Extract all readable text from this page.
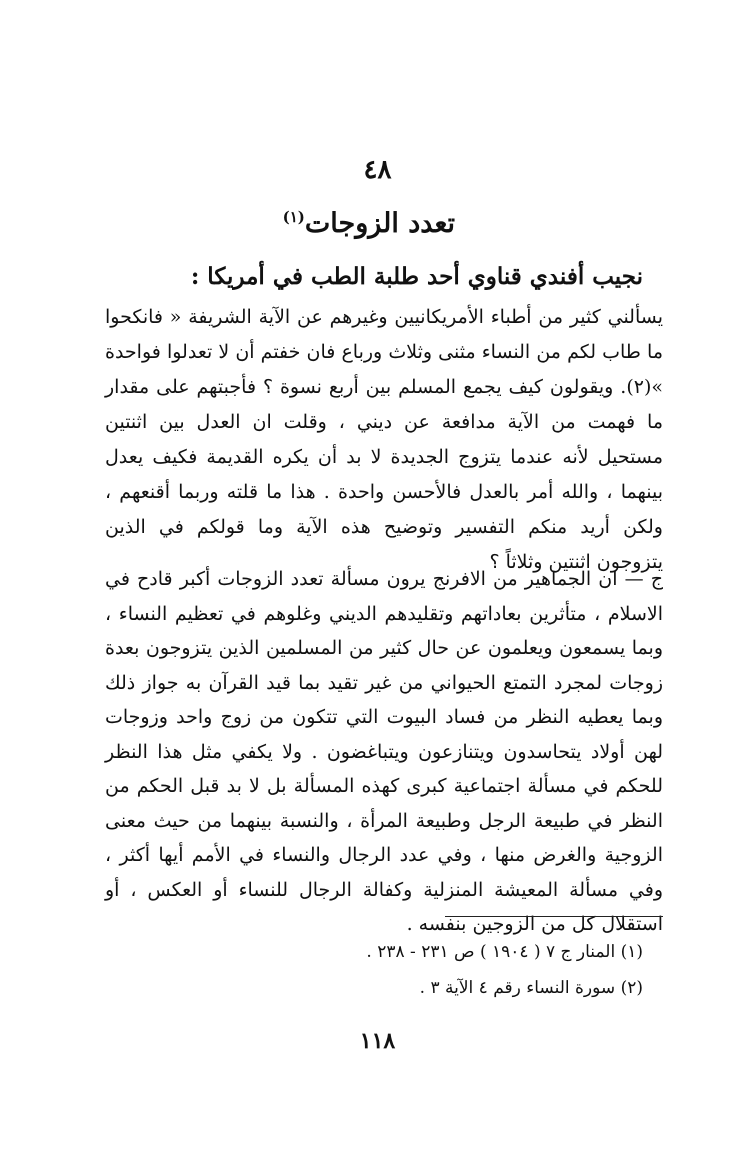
٤٨
تعدد الزوجات$^{(١)}$
نجيب أفندي قناوي أحد طلبة الطب في أمريكا :
يسألني كثير من أطباء الأمريكانيين وغيرهم عن الآية الشريفة « فانكحوا ما طاب لكم من النساء مثنى وثلاث ورباع فان خفتم أن لا تعدلوا فواحدة »(٢). ويقولون كيف يجمع المسلم بين أربع نسوة ؟ فأجبتهم على مقدار ما فهمت من الآية مدافعة عن ديني ، وقلت ان العدل بين اثنتين مستحيل لأنه عندما يتزوج الجديدة لا بد أن يكره القديمة فكيف يعدل بينهما ، والله أمر بالعدل فالأحسن واحدة . هذا ما قلته وربما أقنعهم ، ولكن أريد منكم التفسير وتوضيح هذه الآية وما قولكم في الذين يتزوجون اثنتين وثلاثاً ؟
ج — ان الجماهير من الافرنج يرون مسألة تعدد الزوجات أكبر قادح في الاسلام ، متأثرين بعاداتهم وتقليدهم الديني وغلوهم في تعظيم النساء ، وبما يسمعون ويعلمون عن حال كثير من المسلمين الذين يتزوجون بعدة زوجات لمجرد التمتع الحيواني من غير تقيد بما قيد القرآن به جواز ذلك وبما يعطيه النظر من فساد البيوت التي تتكون من زوج واحد وزوجات لهن أولاد يتحاسدون ويتنازعون ويتباغضون . ولا يكفي مثل هذا النظر للحكم في مسألة اجتماعية كبرى كهذه المسألة بل لا بد قبل الحكم من النظر في طبيعة الرجل وطبيعة المرأة ، والنسبة بينهما من حيث معنى الزوجية والغرض منها ، وفي عدد الرجال والنساء في الأمم أيها أكثر ، وفي مسألة المعيشة المنزلية وكفالة الرجال للنساء أو العكس ، أو استقلال كل من الزوجين بنفسه .
(١) المنار ج ٧ ( ١٩٠٤ ) ص ٢٣١ - ٢٣٨ .
(٢) سورة النساء رقم ٤ الآية ٣ .
١١٨
